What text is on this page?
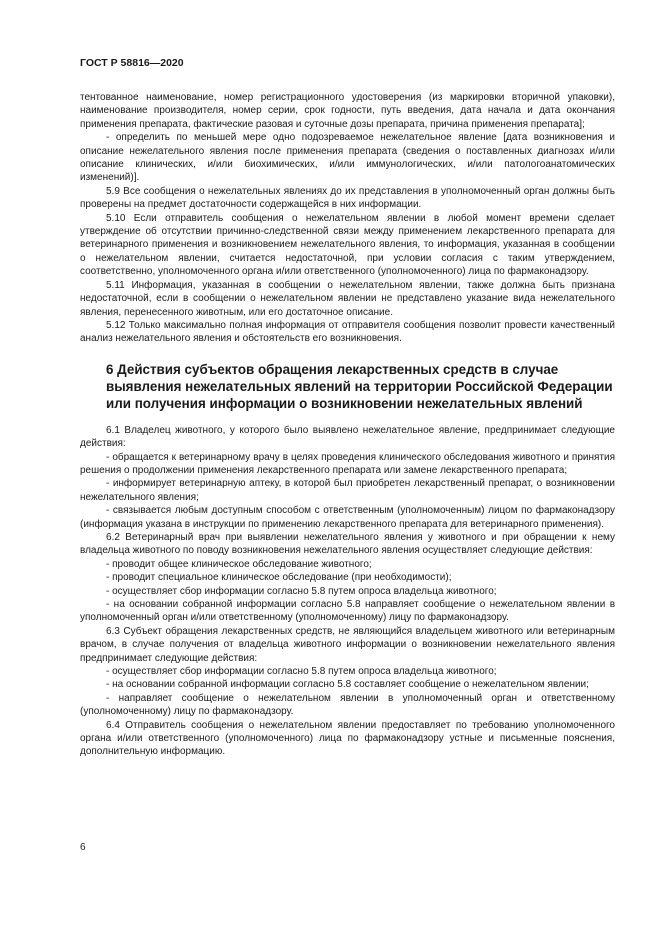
ГОСТ Р 58816—2020

тентованное наименование, номер регистрационного удостоверения (из маркировки вторичной упаковки), наименование производителя, номер серии, срок годности, путь введения, дата начала и дата окончания применения препарата, фактические разовая и суточные дозы препарата, причина применения препарата];

- определить по меньшей мере одно подозреваемое нежелательное явление [дата возникновения и описание нежелательного явления после применения препарата (сведения о поставленных диагнозах и/или описание клинических, и/или биохимических, и/или иммунологических, и/или патологоанатомических изменений)].

5.9 Все сообщения о нежелательных явлениях до их представления в уполномоченный орган должны быть проверены на предмет достаточности содержащейся в них информации.

5.10 Если отправитель сообщения о нежелательном явлении в любой момент времени сделает утверждение об отсутствии причинно-следственной связи между применением лекарственного препарата для ветеринарного применения и возникновением нежелательного явления, то информация, указанная в сообщении о нежелательном явлении, считается недостаточной, при условии согласия с таким утверждением, соответственно, уполномоченного органа и/или ответственного (уполномоченного) лица по фармаконадзору.

5.11 Информация, указанная в сообщении о нежелательном явлении, также должна быть признана недостаточной, если в сообщении о нежелательном явлении не представлено указание вида нежелательного явления, перенесенного животным, или его достаточное описание.

5.12 Только максимально полная информация от отправителя сообщения позволит провести качественный анализ нежелательного явления и обстоятельств его возникновения.

6 Действия субъектов обращения лекарственных средств в случае выявления нежелательных явлений на территории Российской Федерации или получения информации о возникновении нежелательных явлений

6.1 Владелец животного, у которого было выявлено нежелательное явление, предпринимает следующие действия:

- обращается к ветеринарному врачу в целях проведения клинического обследования животного и принятия решения о продолжении применения лекарственного препарата или замене лекарственного препарата;

- информирует ветеринарную аптеку, в которой был приобретен лекарственный препарат, о возникновении нежелательного явления;

- связывается любым доступным способом с ответственным (уполномоченным) лицом по фармаконадзору (информация указана в инструкции по применению лекарственного препарата для ветеринарного применения).

6.2 Ветеринарный врач при выявлении нежелательного явления у животного и при обращении к нему владельца животного по поводу возникновения нежелательного явления осуществляет следующие действия:

- проводит общее клиническое обследование животного;

- проводит специальное клиническое обследование (при необходимости);

- осуществляет сбор информации согласно 5.8 путем опроса владельца животного;

- на основании собранной информации согласно 5.8 направляет сообщение о нежелательном явлении в уполномоченный орган и/или ответственному (уполномоченному) лицу по фармаконадзору.

6.3 Субъект обращения лекарственных средств, не являющийся владельцем животного или ветеринарным врачом, в случае получения от владельца животного информации о возникновении нежелательного явления предпринимает следующие действия:

- осуществляет сбор информации согласно 5.8 путем опроса владельца животного;

- на основании собранной информации согласно 5.8 составляет сообщение о нежелательном явлении;

- направляет сообщение о нежелательном явлении в уполномоченный орган и ответственному (уполномоченному) лицу по фармаконадзору.

6.4 Отправитель сообщения о нежелательном явлении предоставляет по требованию уполномоченного органа и/или ответственного (уполномоченного) лица по фармаконадзору устные и письменные пояснения, дополнительную информацию.

6
